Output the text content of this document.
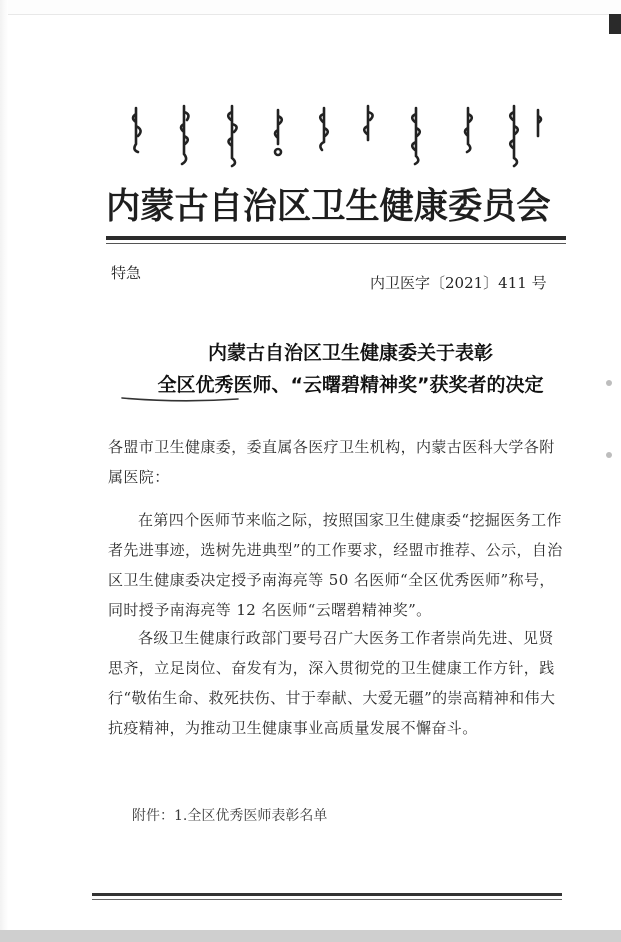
内蒙古自治区卫生健康委员会
特急
内卫医字〔2021〕411 号
内蒙古自治区卫生健康委关于表彰
全区优秀医师、“云曙碧精神奖”获奖者的决定
各盟市卫生健康委，委直属各医疗卫生机构，内蒙古医科大学各附属医院：
在第四个医师节来临之际，按照国家卫生健康委“挖掘医务工作者先进事迹，选树先进典型”的工作要求，经盟市推荐、公示，自治区卫生健康委决定授予南海亮等 50 名医师“全区优秀医师”称号，同时授予南海亮等 12 名医师“云曙碧精神奖”。
各级卫生健康行政部门要号召广大医务工作者崇尚先进、见贤思齐，立足岗位、奋发有为，深入贯彻党的卫生健康工作方针，践行“敬佑生命、救死扶伤、甘于奉献、大爱无疆”的崇高精神和伟大抗疫精神，为推动卫生健康事业高质量发展不懈奋斗。
附件：1.全区优秀医师表彰名单
